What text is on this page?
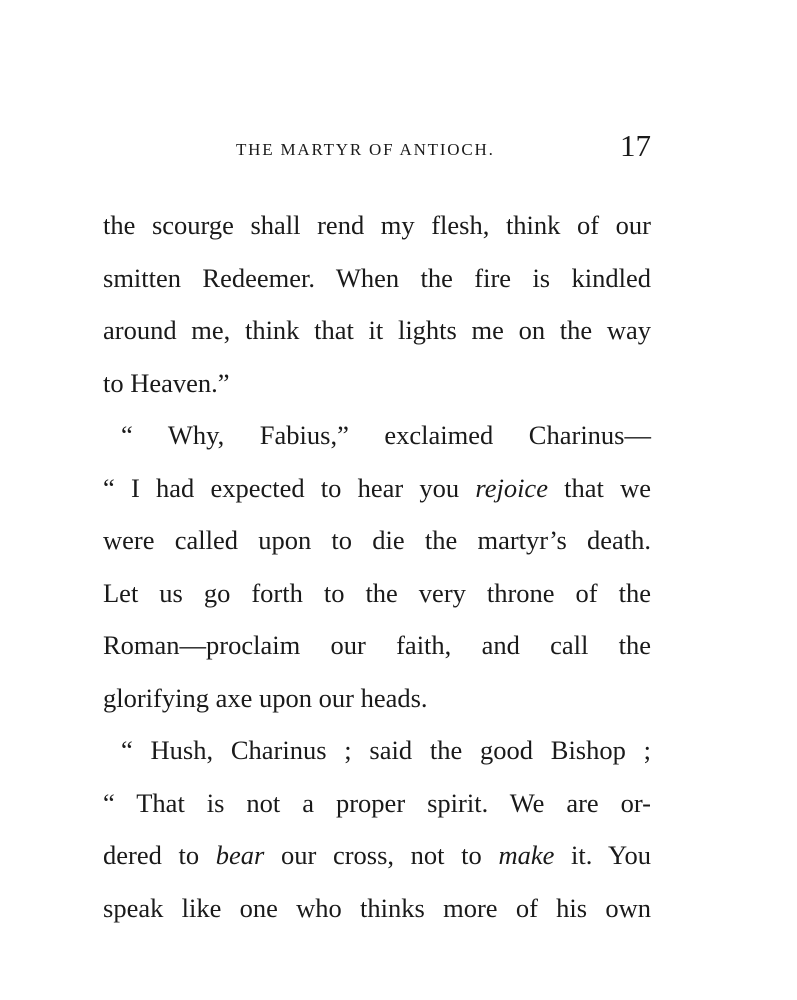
THE MARTYR OF ANTIOCH.	17
the scourge shall rend my flesh, think of our
smitten Redeemer. When the fire is kindled
around me, think that it lights me on the way
to Heaven.”
“ Why, Fabius,” exclaimed Charinus—
“ I had expected to hear you rejoice that we
were called upon to die the martyr’s death.
Let us go forth to the very throne of the
Roman—proclaim our faith, and call the
glorifying axe upon our heads.
“ Hush, Charinus ; said the good Bishop ;
“ That is not a proper spirit. We are or-
dered to bear our cross, not to make it. You
speak like one who thinks more of his own
